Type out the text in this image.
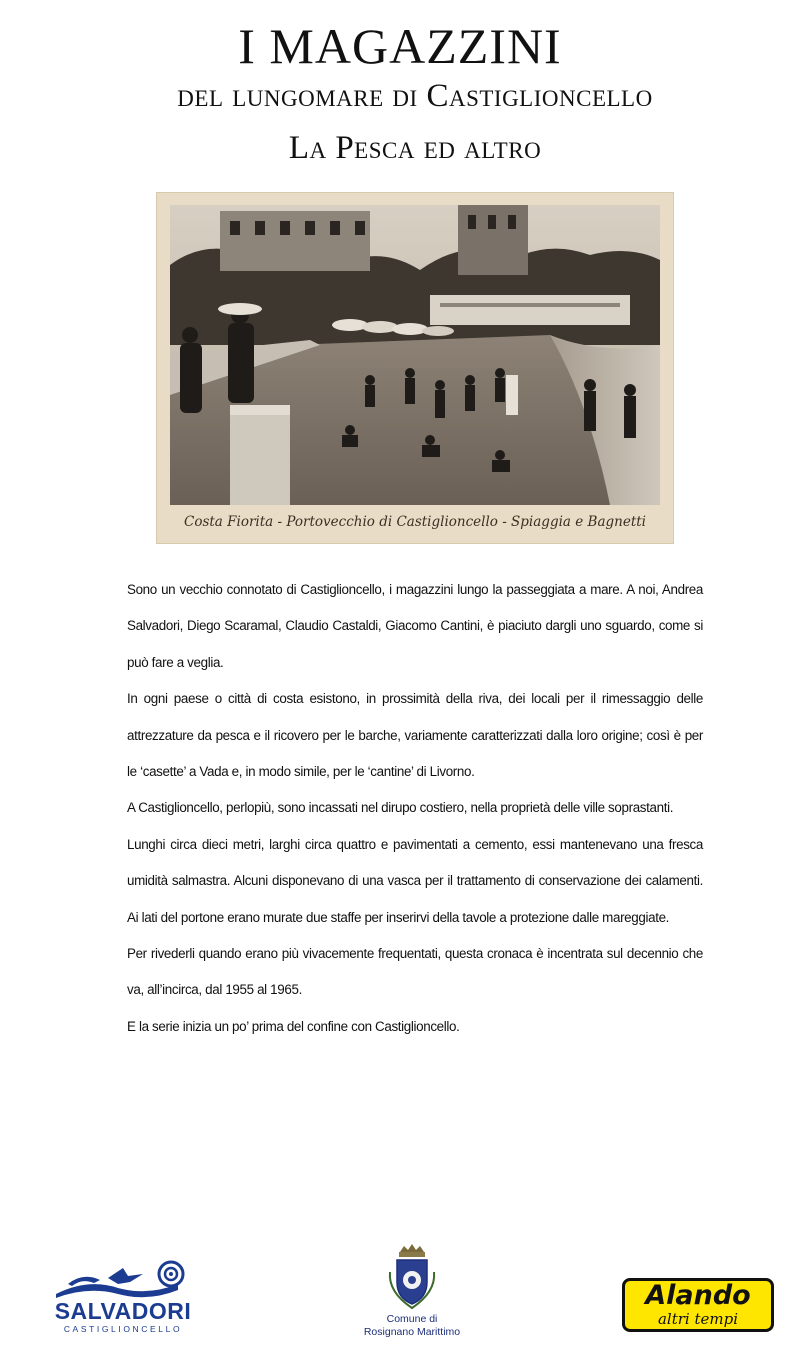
I MAGAZZINI
del lungomare di Castiglioncello
La Pesca ed altro
Costa Fiorita - Portovecchio di Castiglioncello - Spiaggia e Bagnetti

Sono un vecchio connotato di Castiglioncello, i magazzini lungo la passeggiata a mare. A noi, Andrea Salvadori, Diego Scaramal, Claudio Castaldi, Giacomo Cantini, è piaciuto dargli uno sguardo, come si può fare a veglia.

In ogni paese o città di costa esistono, in prossimità della riva, dei locali per il rimessaggio delle attrezzature da pesca e il ricovero per le barche, variamente caratterizzati dalla loro origine; così è per le ‘casette’ a Vada e, in modo simile, per le ‘cantine’ di Livorno.

A Castiglioncello, perlopiù, sono incassati nel dirupo costiero, nella proprietà delle ville soprastanti.

Lunghi circa dieci metri, larghi circa quattro e pavimentati a cemento, essi mantenevano una fresca umidità salmastra. Alcuni disponevano di una vasca per il trattamento di conservazione dei calamenti. Ai lati del portone erano murate due staffe per inserirvi della tavole a protezione dalle mareggiate.

Per rivederli quando erano più vivacemente frequentati, questa cronaca è incentrata sul decennio che va, all’incirca, dal 1955 al 1965.

E la serie inizia un po’ prima del confine con Castiglioncello.

SALVADORI
CASTIGLIONCELLO
Comune di
Rosignano Marittimo
Alando
altri tempi
